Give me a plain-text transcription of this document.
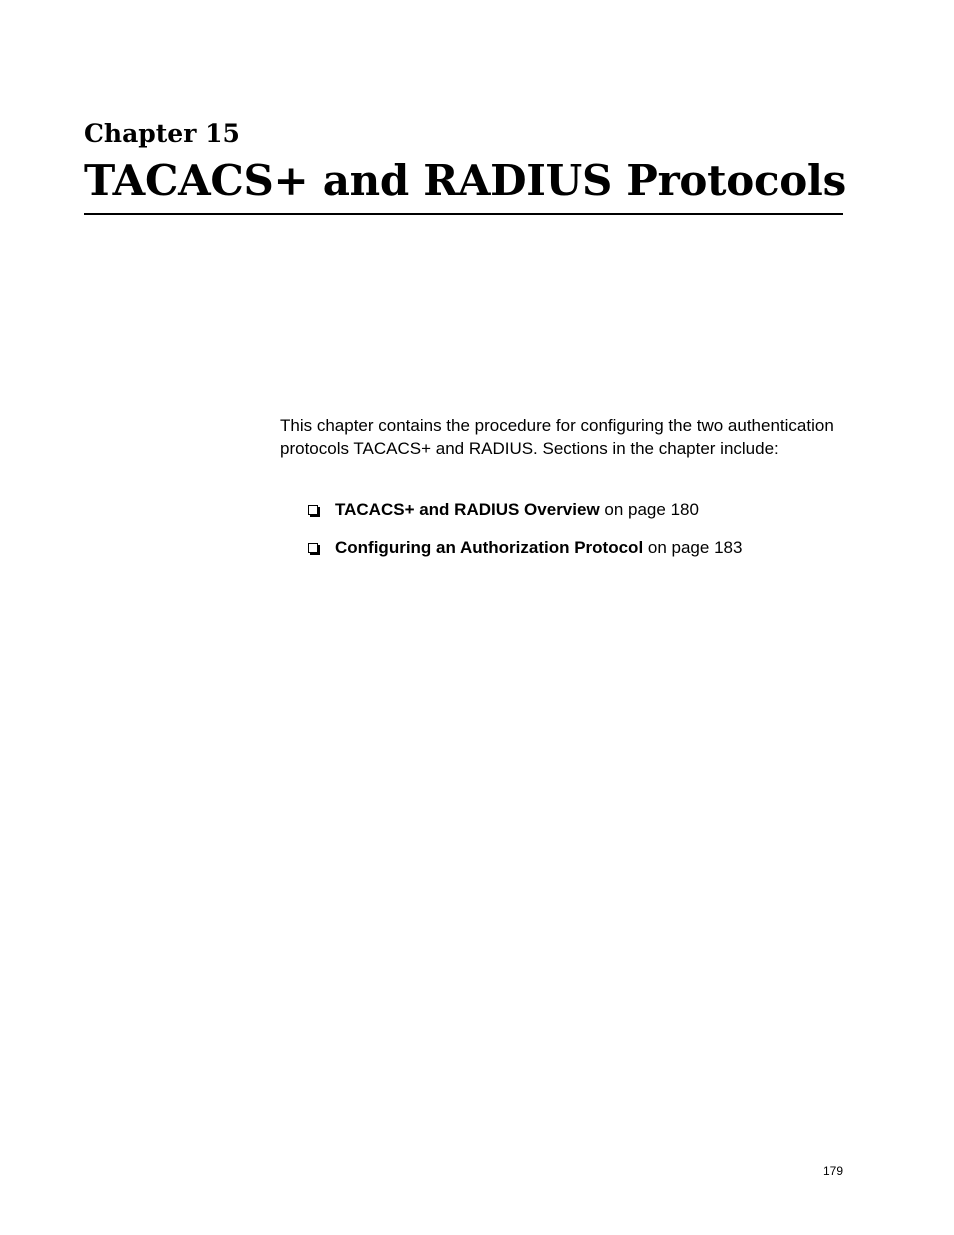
Chapter 15
TACACS+ and RADIUS Protocols

This chapter contains the procedure for configuring the two authentication protocols TACACS+ and RADIUS. Sections in the chapter include:

TACACS+ and RADIUS Overview on page 180
Configuring an Authorization Protocol on page 183

179
